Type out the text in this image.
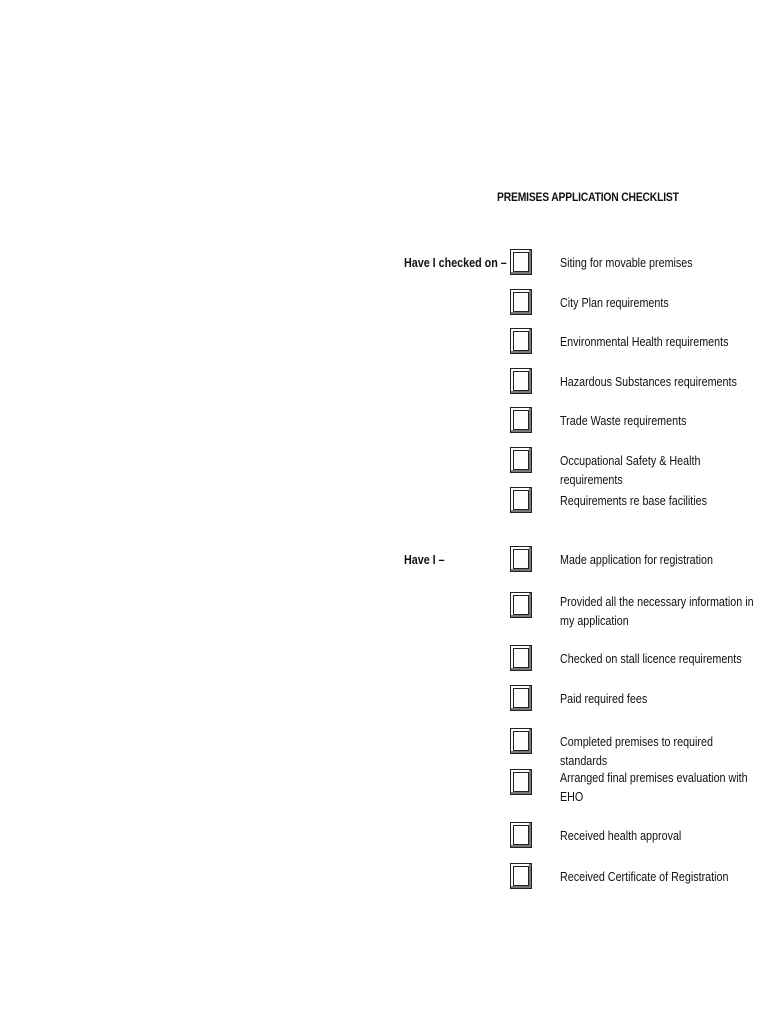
PREMISES APPLICATION CHECKLIST
Have I checked on –	Siting for movable premises
City Plan requirements
Environmental Health requirements
Hazardous Substances requirements
Trade Waste requirements
Occupational Safety & Health requirements
Requirements re base facilities
Have I –	Made application for registration
Provided all the necessary information in my application
Checked on stall licence requirements
Paid required fees
Completed premises to required standards
Arranged final premises evaluation with EHO
Received health approval
Received Certificate of Registration
